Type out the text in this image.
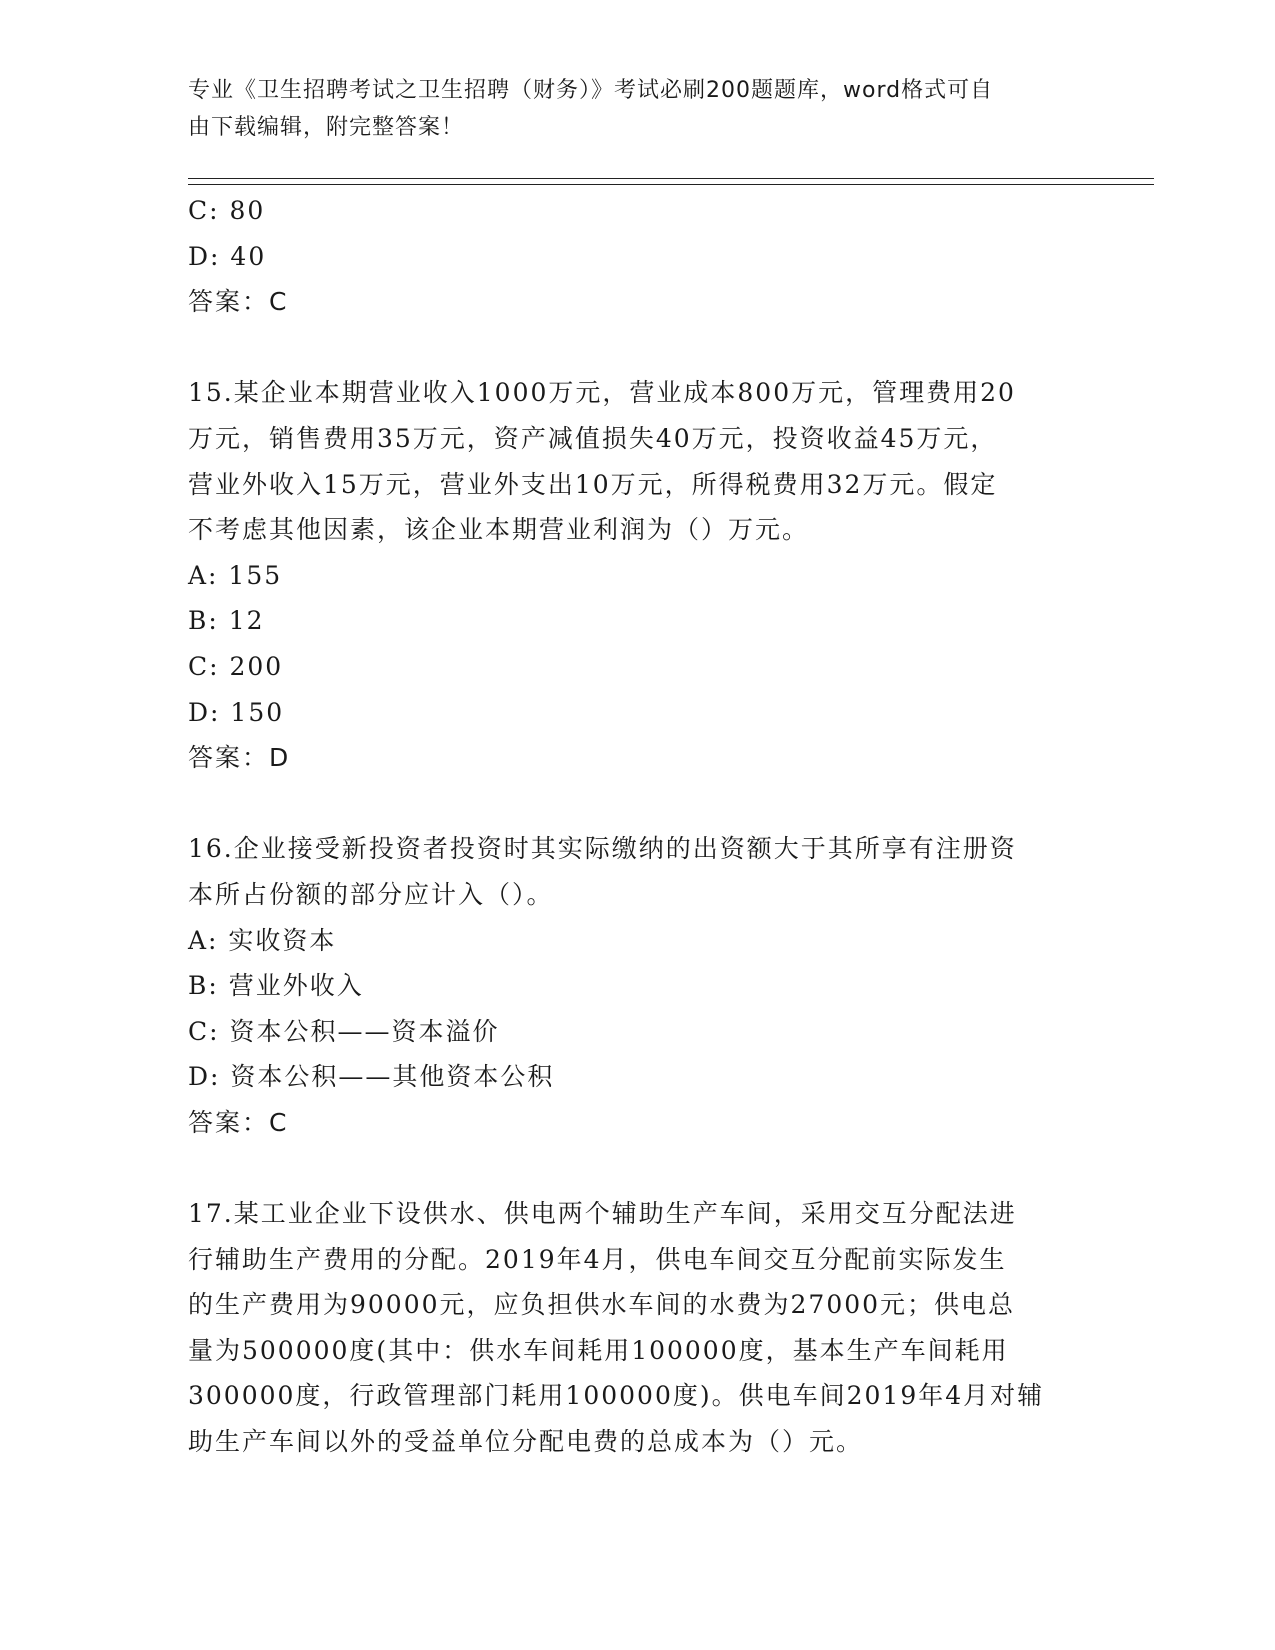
专业《卫生招聘考试之卫生招聘（财务）》考试必刷200题题库，word格式可自
由下载编辑，附完整答案！
C: 80
D: 40
答案：C
15.某企业本期营业收入1000万元，营业成本800万元，管理费用20
万元，销售费用35万元，资产减值损失40万元，投资收益45万元，
营业外收入15万元，营业外支出10万元，所得税费用32万元。假定
不考虑其他因素，该企业本期营业利润为（）万元。
A: 155
B: 12
C: 200
D: 150
答案：D
16.企业接受新投资者投资时其实际缴纳的出资额大于其所享有注册资
本所占份额的部分应计入（）。
A: 实收资本
B: 营业外收入
C: 资本公积——资本溢价
D: 资本公积——其他资本公积
答案：C
17.某工业企业下设供水、供电两个辅助生产车间，采用交互分配法进
行辅助生产费用的分配。2019年4月，供电车间交互分配前实际发生
的生产费用为90000元，应负担供水车间的水费为27000元；供电总
量为500000度(其中：供水车间耗用100000度，基本生产车间耗用
300000度，行政管理部门耗用100000度)。供电车间2019年4月对辅
助生产车间以外的受益单位分配电费的总成本为（）元。
